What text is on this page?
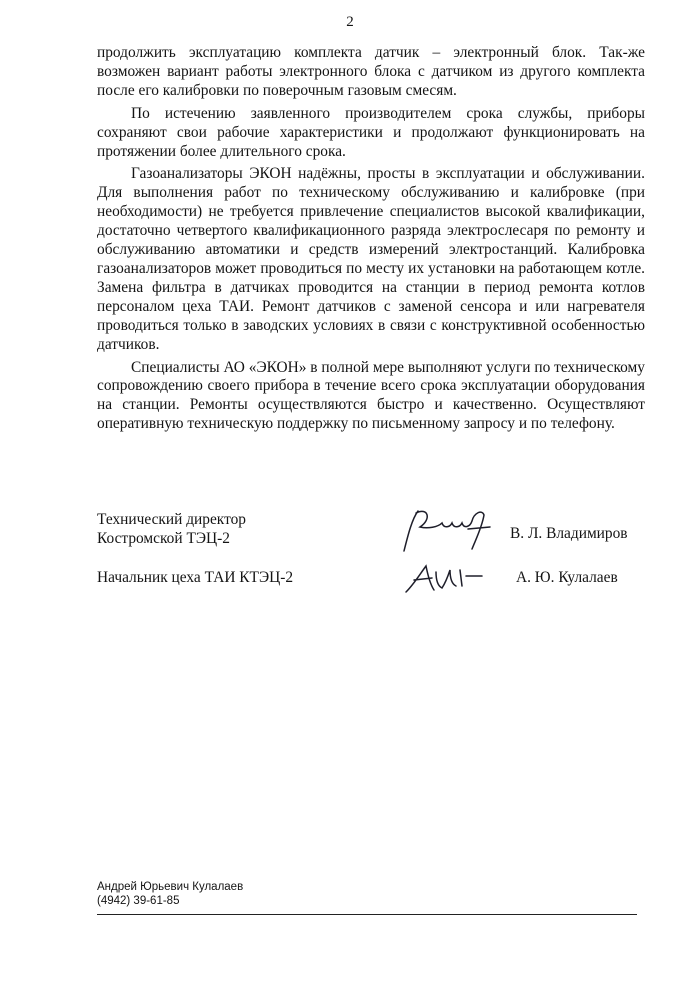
2

продолжить эксплуатацию комплекта датчик – электронный блок. Так-же возможен вариант работы электронного блока с датчиком из другого комплекта после его калибровки по поверочным газовым смесям.

По истечению заявленного производителем срока службы, приборы сохраняют свои рабочие характеристики и продолжают функционировать на протяжении более длительного срока.

Газоанализаторы ЭКОН надёжны, просты в эксплуатации и обслуживании. Для выполнения работ по техническому обслуживанию и калибровке (при необходимости) не требуется привлечение специалистов высокой квалификации, достаточно четвертого квалификационного разряда электрослесаря по ремонту и обслуживанию автоматики и средств измерений электростанций. Калибровка газоанализаторов может проводиться по месту их установки на работающем котле. Замена фильтра в датчиках проводится на станции в период ремонта котлов персоналом цеха ТАИ. Ремонт датчиков с заменой сенсора и или нагревателя проводиться только в заводских условиях в связи с конструктивной особенностью датчиков.

Специалисты АО «ЭКОН» в полной мере выполняют услуги по техническому сопровождению своего прибора в течение всего срока эксплуатации оборудования на станции. Ремонты осуществляются быстро и качественно. Осуществляют оперативную техническую поддержку по письменному запросу и по телефону.

Технический директор
Костромской ТЭЦ-2	В. Л. Владимиров
Начальник цеха ТАИ КТЭЦ-2	А. Ю. Кулалаев
Андрей Юрьевич Кулалаев
(4942) 39-61-85
